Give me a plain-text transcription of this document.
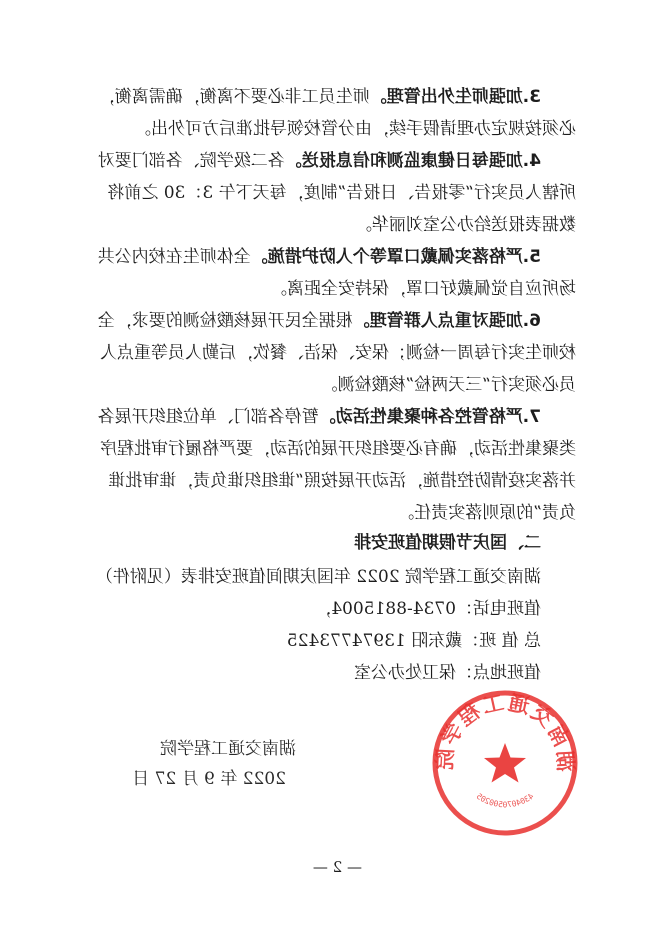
3.加强师生外出管理。师生员工非必要不离衡，确需离衡，
必须按规定办理请假手续，由分管校领导批准后方可外出。
4.加强每日健康监测和信息报送。各二级学院、各部门要对
所辖人员实行“零报告、日报告”制度，每天下午 3：30 之前将
数据表报送给办公室刘丽华。
5.严格落实佩戴口罩等个人防护措施。全体师生在校内公共
场所应自觉佩戴好口罩，保持安全距离。
6.加强对重点人群管理。根据全民开展核酸检测的要求，全
校师生实行每周一检测；保安、保洁、餐饮，后勤人员等重点人
员必须实行“三天两检”核酸检测。
7.严格管控各种聚集性活动。暂停各部门、单位组织开展各
类聚集性活动，确有必要组织开展的活动，要严格履行审批程序
并落实疫情防控措施，活动开展按照“谁组织谁负责，谁审批谁
负责”的原则落实责任。
二、国庆节假期值班安排
湖南交通工程学院 2022 年国庆期间值班安排表（见附件）
值班电话：0734-8815004，
总 值 班：戴东阳 13974773425
值班地点：保卫处办公室
湖南交通工程学院
4304070500205
湖南交通工程学院
2022 年 9 月 27 日
— 2 —
